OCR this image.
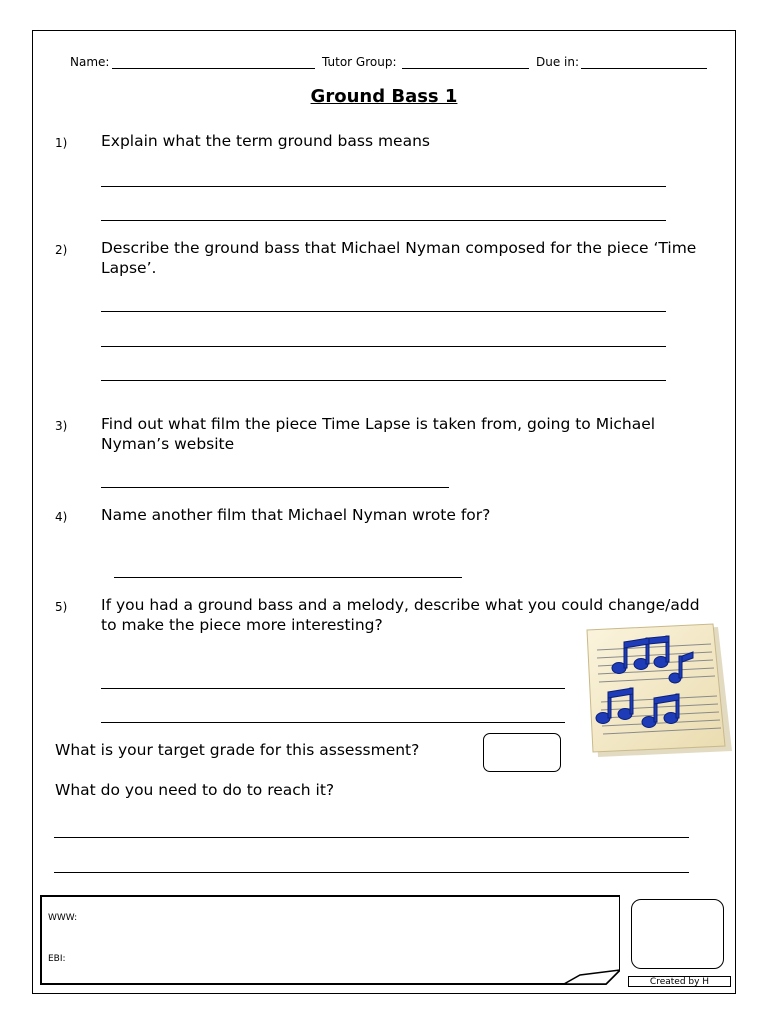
Name:	Tutor Group:	Due in:
Ground Bass 1
1) Explain what the term ground bass means
2) Describe the ground bass that Michael Nyman composed for the piece ‘Time Lapse’.
3) Find out what film the piece Time Lapse is taken from, going to Michael Nyman’s website
4) Name another film that Michael Nyman wrote for?
5) If you had a ground bass and a melody, describe what you could change/add to make the piece more interesting?
What is your target grade for this assessment?
What do you need to do to reach it?
WWW:
EBI:
Created by H
